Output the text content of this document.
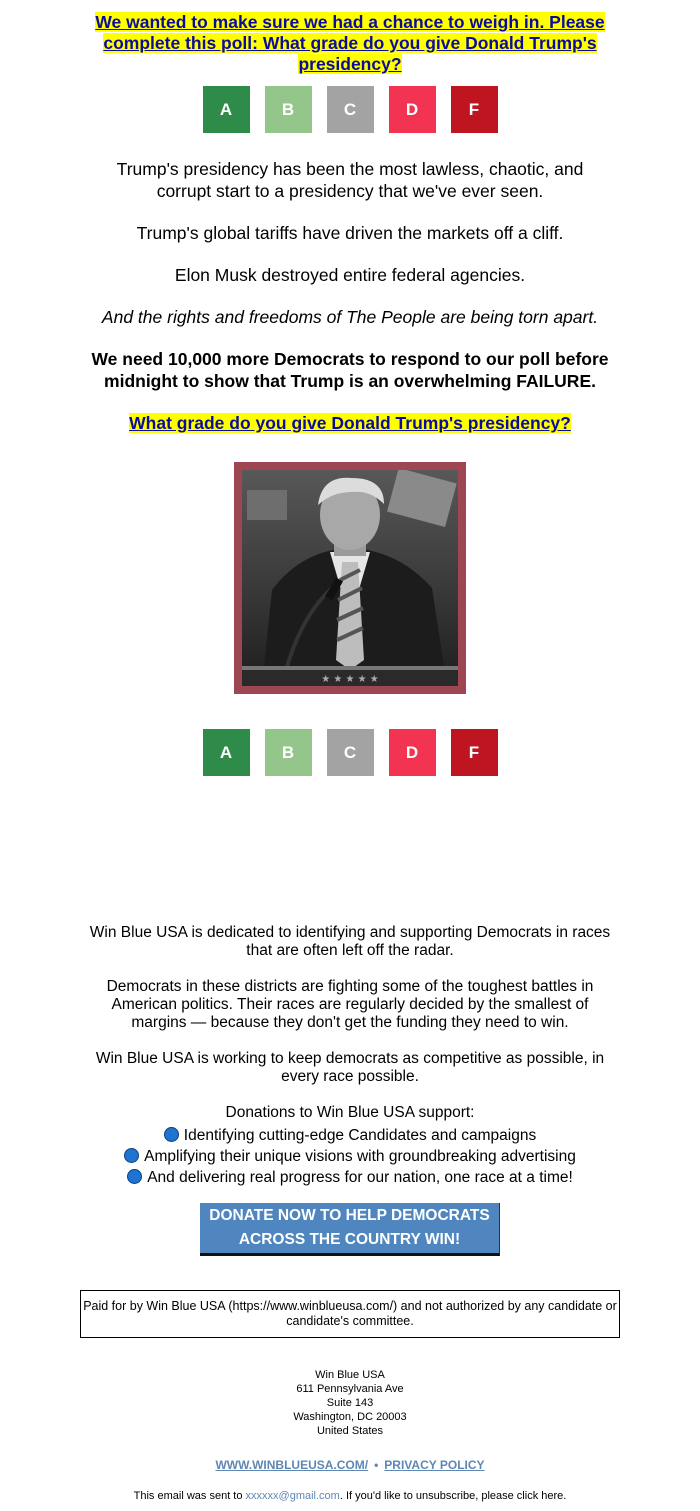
We wanted to make sure we had a chance to weigh in. Please complete this poll: What grade do you give Donald Trump's presidency?
A	B	C	D	F

Trump's presidency has been the most lawless, chaotic, and corrupt start to a presidency that we've ever seen.

Trump's global tariffs have driven the markets off a cliff.

Elon Musk destroyed entire federal agencies.

And the rights and freedoms of The People are being torn apart.

We need 10,000 more Democrats to respond to our poll before midnight to show that Trump is an overwhelming FAILURE.

What grade do you give Donald Trump's presidency?
★ ★ ★ ★ ★
A	B	C	D	F

Win Blue USA is dedicated to identifying and supporting Democrats in races that are often left off the radar.

Democrats in these districts are fighting some of the toughest battles in American politics. Their races are regularly decided by the smallest of margins — because they don't get the funding they need to win.

Win Blue USA is working to keep democrats as competitive as possible, in every race possible.

Donations to Win Blue USA support:

Identifying cutting-edge Candidates and campaigns
Amplifying their unique visions with groundbreaking advertising
And delivering real progress for our nation, one race at a time!
DONATE NOW TO HELP DEMOCRATS
ACROSS THE COUNTRY WIN!
Paid for by Win Blue USA (https://www.winblueusa.com/) and not authorized by any candidate or candidate's committee.
Win Blue USA
611 Pennsylvania Ave
Suite 143
Washington, DC 20003
United States
WWW.WINBLUEUSA.COM/ • PRIVACY POLICY
This email was sent to xxxxxx@gmail.com. If you'd like to unsubscribe, please click here.
